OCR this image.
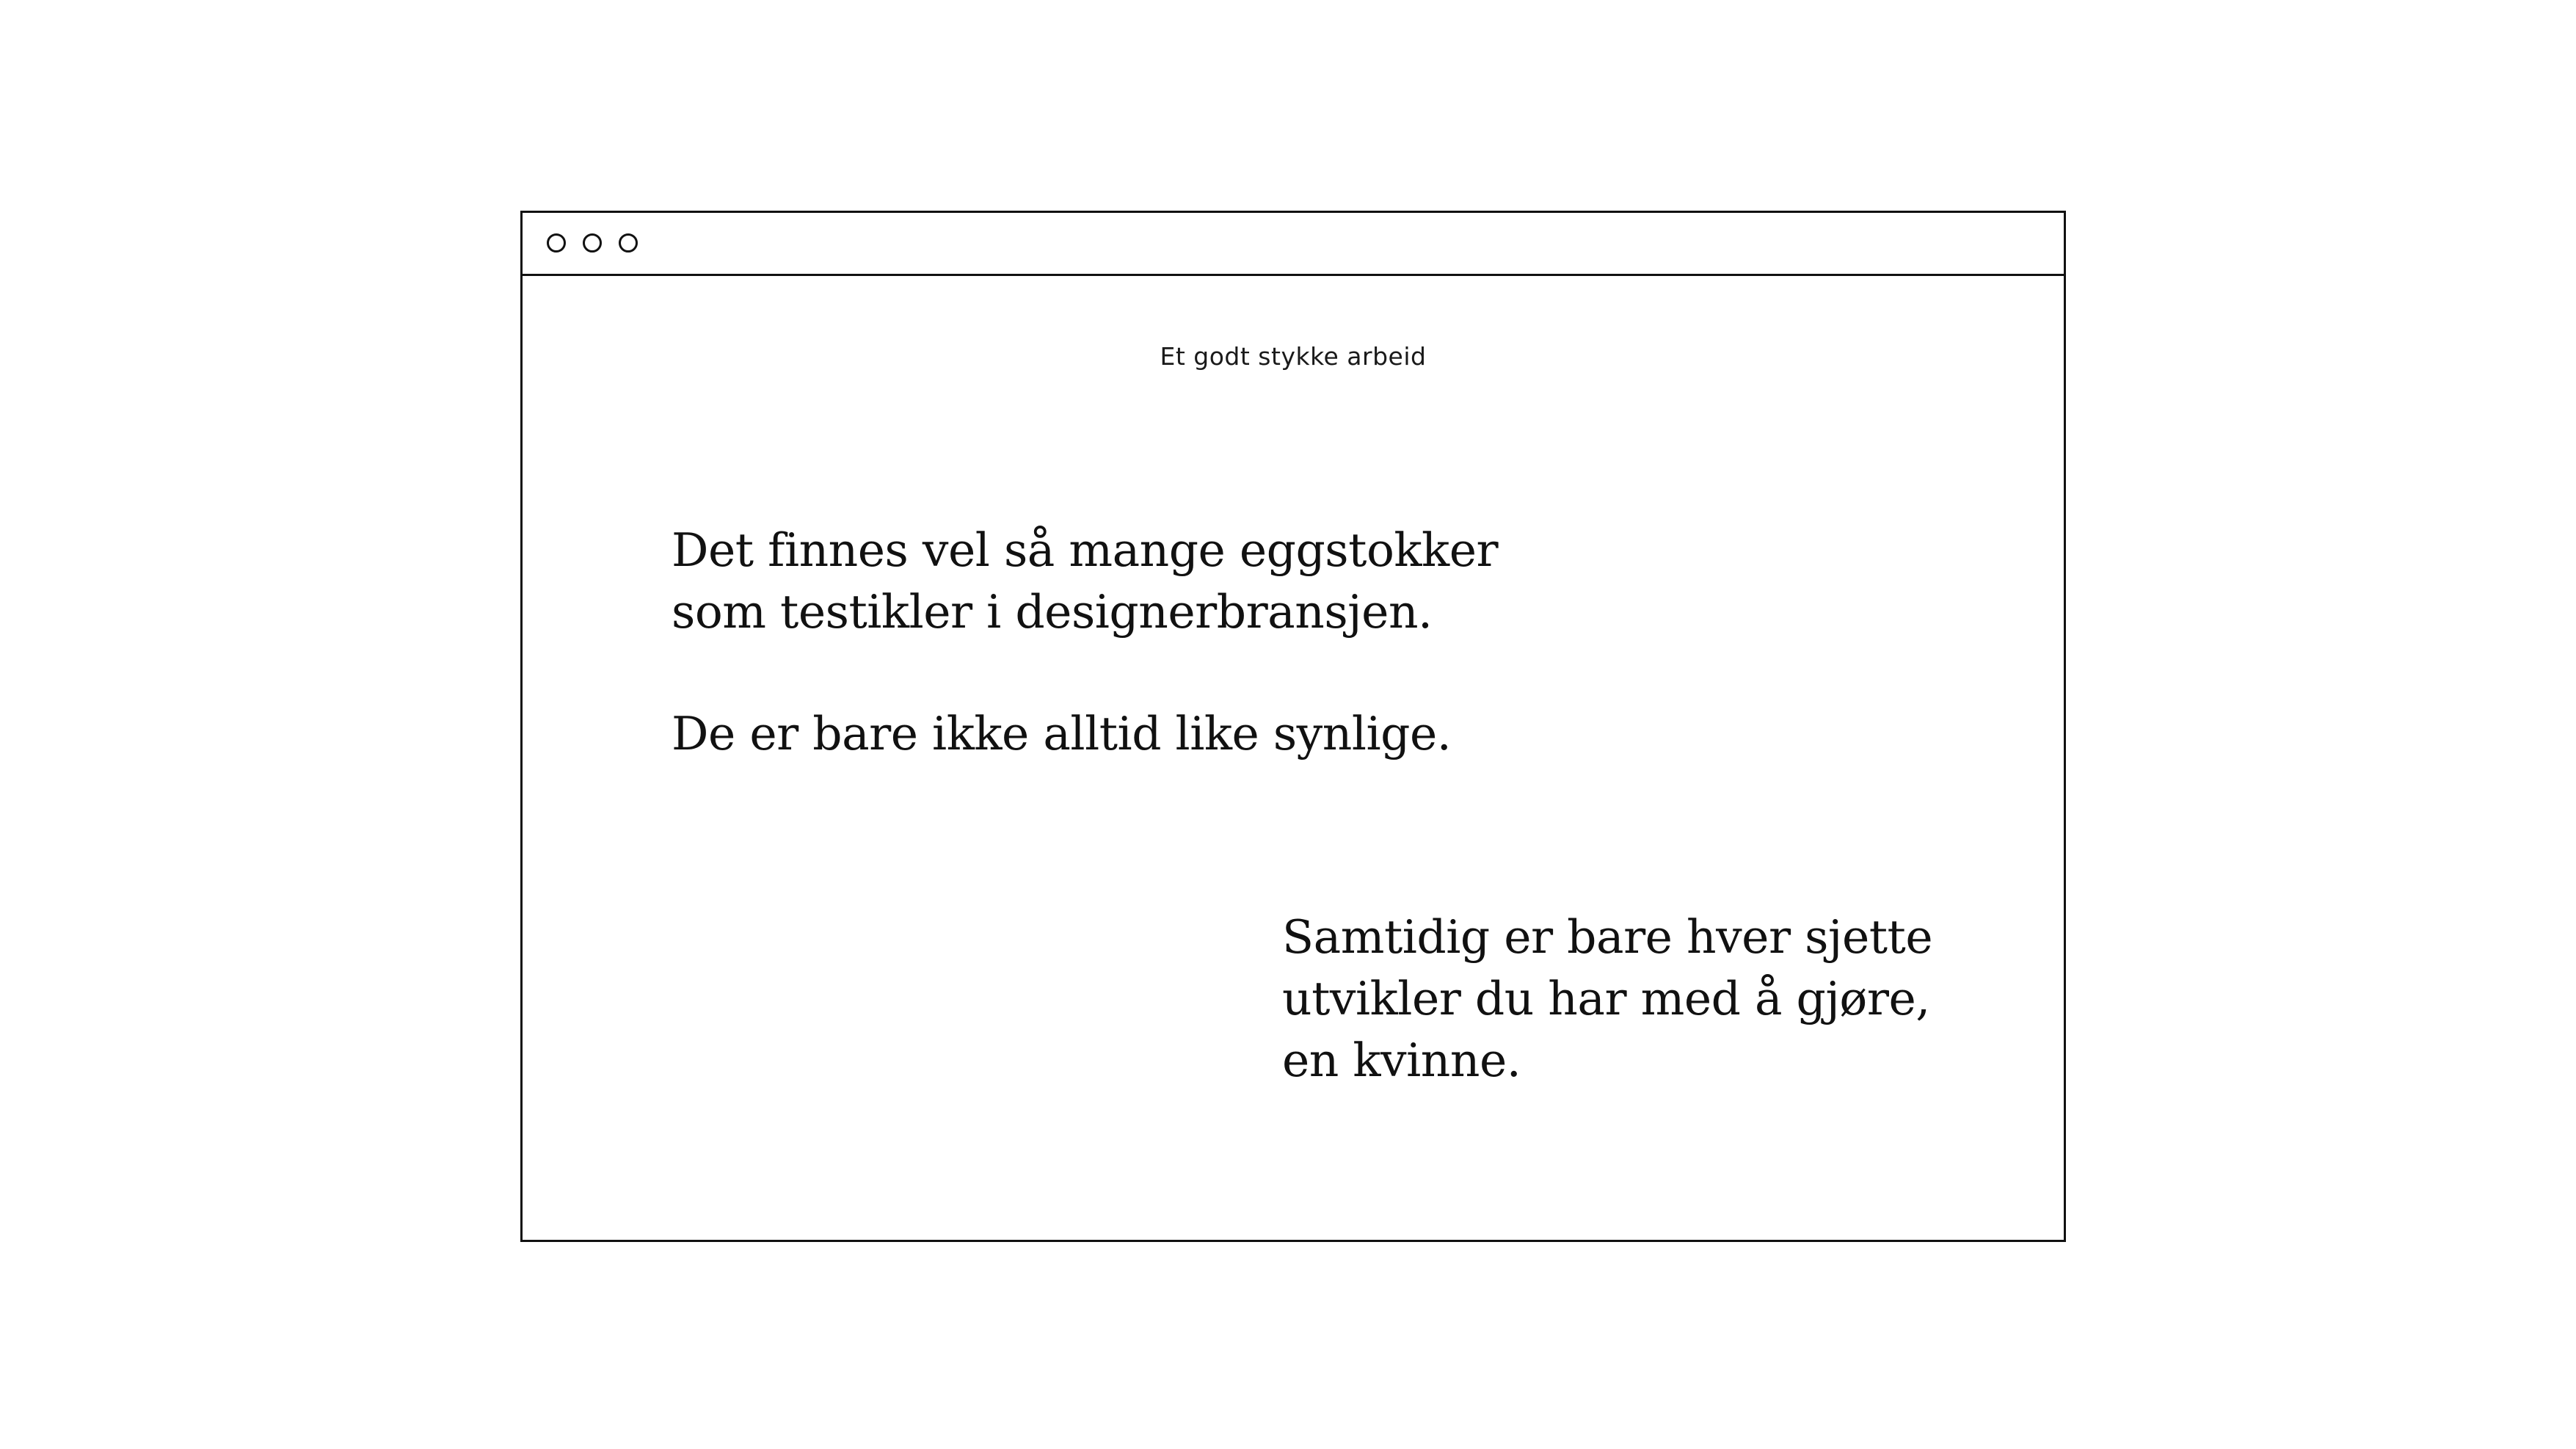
Et godt stykke arbeid
Det finnes vel så mange eggstokker
som testikler i designerbransjen.
De er bare ikke alltid like synlige.
Samtidig er bare hver sjette
utvikler du har med å gjøre,
en kvinne.
